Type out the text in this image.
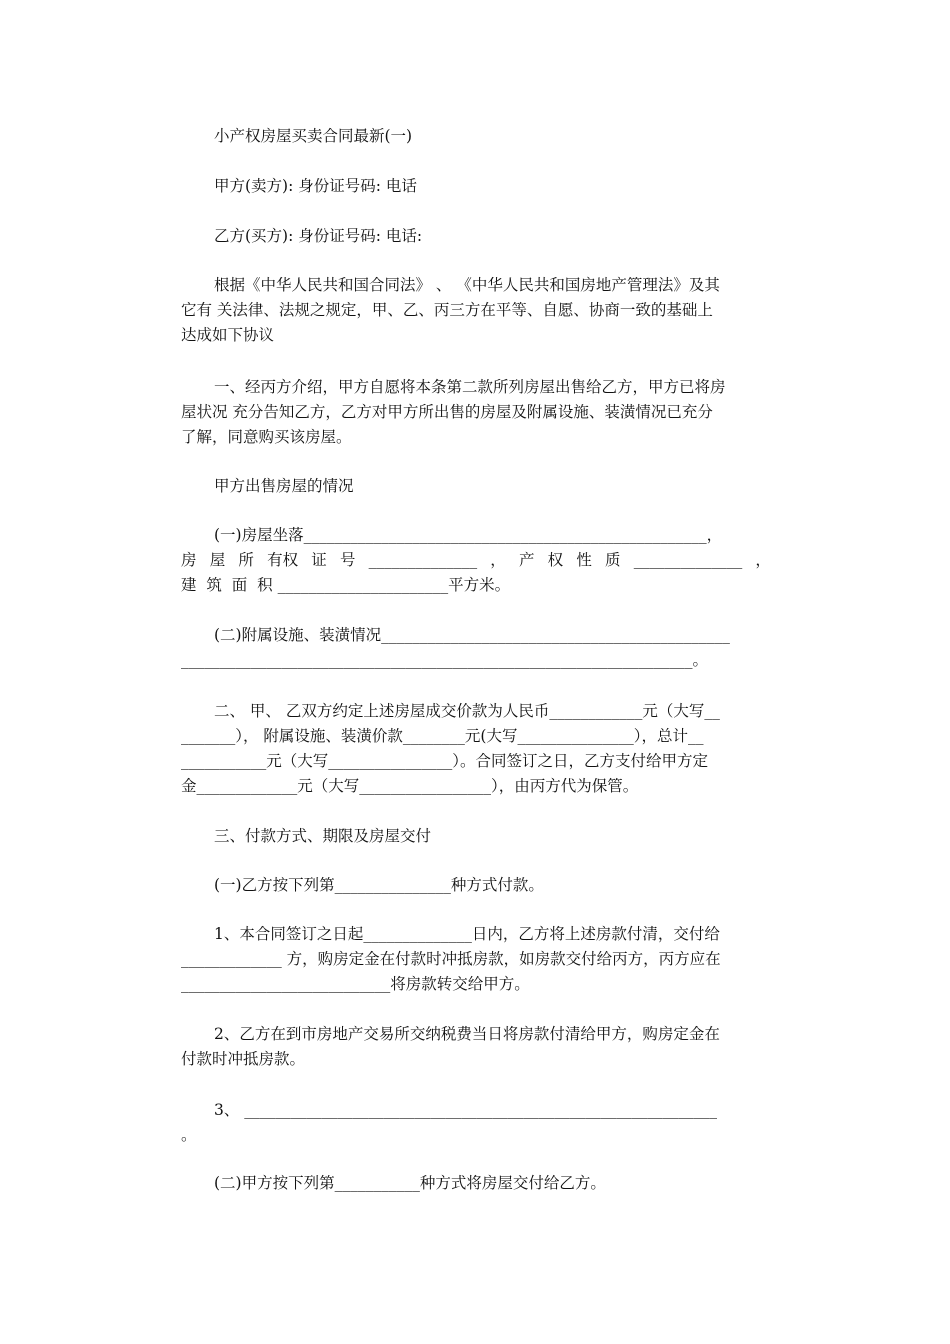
小产权房屋买卖合同最新(一)

甲方(卖方): 身份证号码: 电话

乙方(买方): 身份证号码: 电话:

根据《中华人民共和国合同法》 、 《中华人民共和国房地产管理法》及其
它有 关法律、法规之规定，甲、乙、丙三方在平等、自愿、协商一致的基础上
达成如下协议
一、经丙方介绍，甲方自愿将本条第二款所列房屋出售给乙方，甲方已将房
屋状况 充分告知乙方，乙方对甲方所出售的房屋及附属设施、装潢情况已充分
了解，同意购买该房屋。

甲方出售房屋的情况

(一)房屋坐落____________________________________________________，
房 屋 所 有权 证 号 ______________ ， 产 权 性 质 ______________ ，
建 筑 面 积 ______________________平方米。
(二)附属设施、装潢情况_____________________________________________
__________________________________________________________________。
二、 甲、 乙双方约定上述房屋成交价款为人民币____________元（大写__
_______）， 附属设施、装潢价款________元(大写_______________），总计__
___________元（大写________________）。合同签订之日，乙方支付给甲方定
金_____________元（大写_________________），由丙方代为保管。

三、付款方式、期限及房屋交付

(一)乙方按下列第_______________种方式付款。

1、本合同签订之日起______________日内，乙方将上述房款付清，交付给
_____________ 方，购房定金在付款时冲抵房款，如房款交付给丙方，丙方应在
___________________________将房款转交给甲方。
2、乙方在到市房地产交易所交纳税费当日将房款付清给甲方，购房定金在
付款时冲抵房款。
3、 _____________________________________________________________
。

(二)甲方按下列第___________种方式将房屋交付给乙方。
